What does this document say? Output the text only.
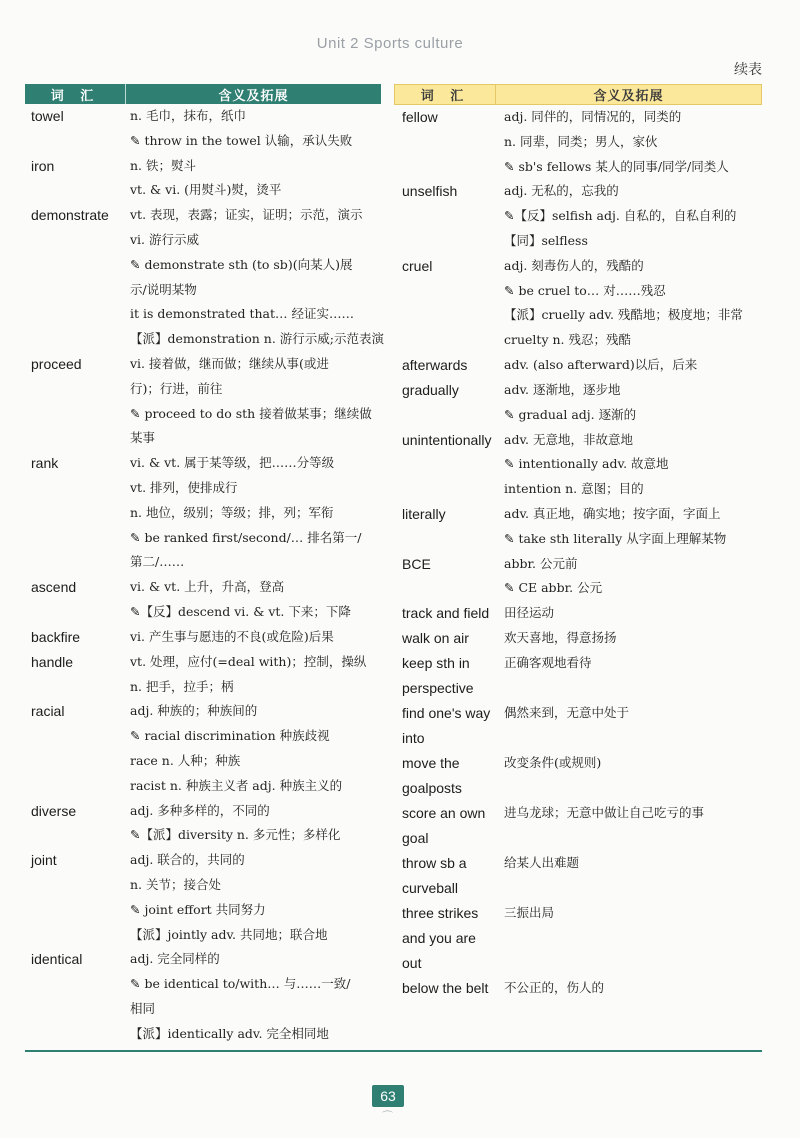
Unit 2 Sports culture
续表
词 汇	含义及拓展
towel	n. 毛巾，抹布，纸巾
✎ throw in the towel 认输，承认失败
iron	n. 铁；熨斗
vt. & vi. (用熨斗)熨，烫平
demonstrate	vt. 表现，表露；证实，证明；示范，演示
vi. 游行示威
✎ demonstrate sth (to sb)(向某人)展
示/说明某物
it is demonstrated that… 经证实……
【派】demonstration n. 游行示威;示范表演
proceed	vi. 接着做，继而做；继续从事(或进
行)；行进，前往
✎ proceed to do sth 接着做某事；继续做
某事
rank	vi. & vt. 属于某等级，把……分等级
vt. 排列，使排成行
n. 地位，级别；等级；排，列；军衔
✎ be ranked first/second/… 排名第一/
第二/……
ascend	vi. & vt. 上升，升高，登高
✎【反】descend vi. & vt. 下来；下降
backfire	vi. 产生事与愿违的不良(或危险)后果
handle	vt. 处理，应付(=deal with)；控制，操纵
n. 把手，拉手；柄
racial	adj. 种族的；种族间的
✎ racial discrimination 种族歧视
race n. 人种；种族
racist n. 种族主义者 adj. 种族主义的
diverse	adj. 多种多样的，不同的
✎【派】diversity n. 多元性；多样化
joint	adj. 联合的，共同的
n. 关节；接合处
✎ joint effort 共同努力
【派】jointly adv. 共同地；联合地
identical	adj. 完全同样的
✎ be identical to/with… 与……一致/
相同
【派】identically adv. 完全相同地
词 汇	含义及拓展
fellow	adj. 同伴的，同情况的，同类的
n. 同辈，同类；男人，家伙
✎ sb's fellows 某人的同事/同学/同类人
unselfish	adj. 无私的，忘我的
✎【反】selfish adj. 自私的，自私自利的
【同】selfless
cruel	adj. 刻毒伤人的，残酷的
✎ be cruel to… 对……残忍
【派】cruelly adv. 残酷地；极度地；非常
cruelty n. 残忍；残酷
afterwards	adv. (also afterward)以后，后来
gradually	adv. 逐渐地，逐步地
✎ gradual adj. 逐渐的
unintentionally adv. 无意地，非故意地
✎ intentionally adv. 故意地
intention n. 意图；目的
literally	adv. 真正地，确实地；按字面，字面上
✎ take sth literally 从字面上理解某物
BCE	abbr. 公元前
✎ CE abbr. 公元
track and field	田径运动
walk on air	欢天喜地，得意扬扬
keep sth in perspective
正确客观地看待
find one's way into
偶然来到，无意中处于
move the goalposts
改变条件(或规则)
score an own goal
进乌龙球；无意中做让自己吃亏的事
throw sb a curveball
给某人出难题
three strikes and you are out
三振出局
below the belt	不公正的，伤人的
63
⌒
